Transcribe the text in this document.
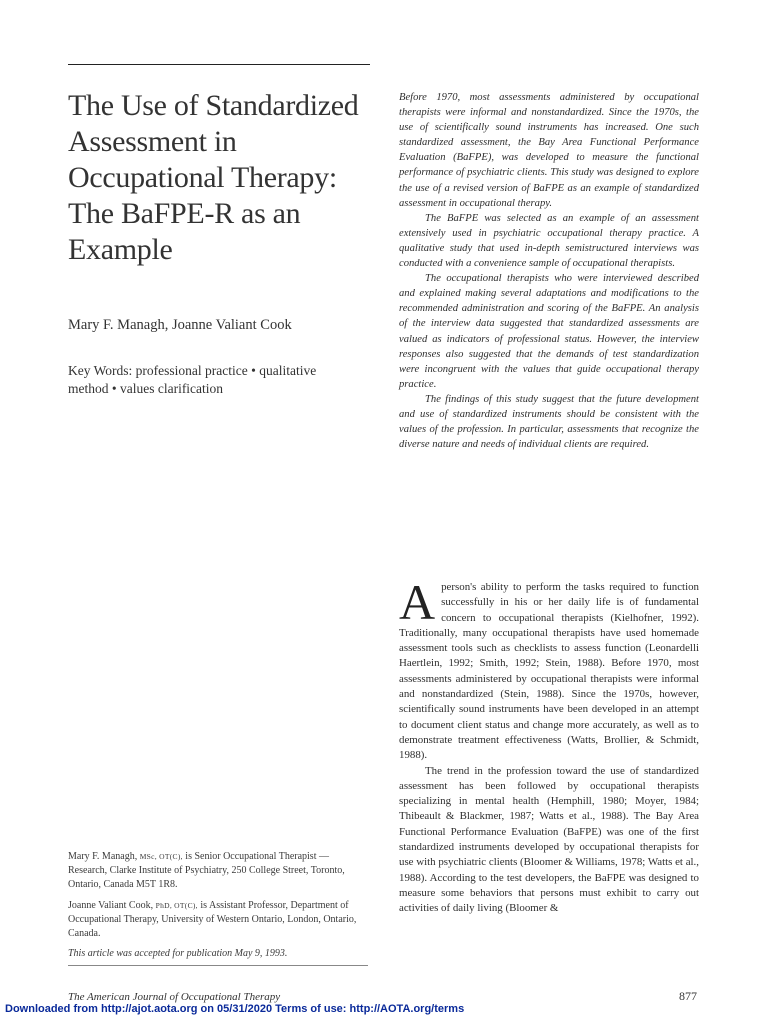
The Use of Standardized Assessment in Occupational Therapy: The BaFPE-R as an Example
Mary F. Managh, Joanne Valiant Cook
Key Words: professional practice • qualitative
method • values clarification

Before 1970, most assessments administered by occupational therapists were informal and nonstandardized. Since the 1970s, the use of scientifically sound instruments has increased. One such standardized assessment, the Bay Area Functional Performance Evaluation (BaFPE), was developed to measure the functional performance of psychiatric clients. This study was designed to explore the use of a revised version of BaFPE as an example of standardized assessment in occupational therapy.

The BaFPE was selected as an example of an assessment extensively used in psychiatric occupational therapy practice. A qualitative study that used in-depth semistructured interviews was conducted with a convenience sample of occupational therapists.

The occupational therapists who were interviewed described and explained making several adaptations and modifications to the recommended administration and scoring of the BaFPE. An analysis of the interview data suggested that standardized assessments are valued as indicators of professional status. However, the interview responses also suggested that the demands of test standardization were incongruent with the values that guide occupational therapy practice.

The findings of this study suggest that the future development and use of standardized instruments should be consistent with the values of the profession. In particular, assessments that recognize the diverse nature and needs of individual clients are required.

Aperson's ability to perform the tasks required to function successfully in his or her daily life is of fundamental concern to occupational therapists (Kielhofner, 1992). Traditionally, many occupational therapists have used homemade assessment tools such as checklists to assess function (Leonardelli Haertlein, 1992; Smith, 1992; Stein, 1988). Before 1970, most assessments administered by occupational therapists were informal and nonstandardized (Stein, 1988). Since the 1970s, however, scientifically sound instruments have been developed in an attempt to document client status and change more accurately, as well as to demonstrate treatment effectiveness (Watts, Brollier, & Schmidt, 1988).

The trend in the profession toward the use of standardized assessment has been followed by occupational therapists specializing in mental health (Hemphill, 1980; Moyer, 1984; Thibeault & Blackmer, 1987; Watts et al., 1988). The Bay Area Functional Performance Evaluation (BaFPE) was one of the first standardized instruments developed by occupational therapists for use with psychiatric clients (Bloomer & Williams, 1978; Watts et al., 1988). According to the test developers, the BaFPE was designed to measure some behaviors that persons must exhibit to carry out activities of daily living (Bloomer &

Mary F. Managh, MSc, OT(C), is Senior Occupational Therapist —Research, Clarke Institute of Psychiatry, 250 College Street, Toronto, Ontario, Canada M5T 1R8.

Joanne Valiant Cook, PhD, OT(C), is Assistant Professor, Department of Occupational Therapy, University of Western Ontario, London, Ontario, Canada.

This article was accepted for publication May 9, 1993.

The American Journal of Occupational Therapy	877
Downloaded from http://ajot.aota.org on 05/31/2020 Terms of use: http://AOTA.org/terms
